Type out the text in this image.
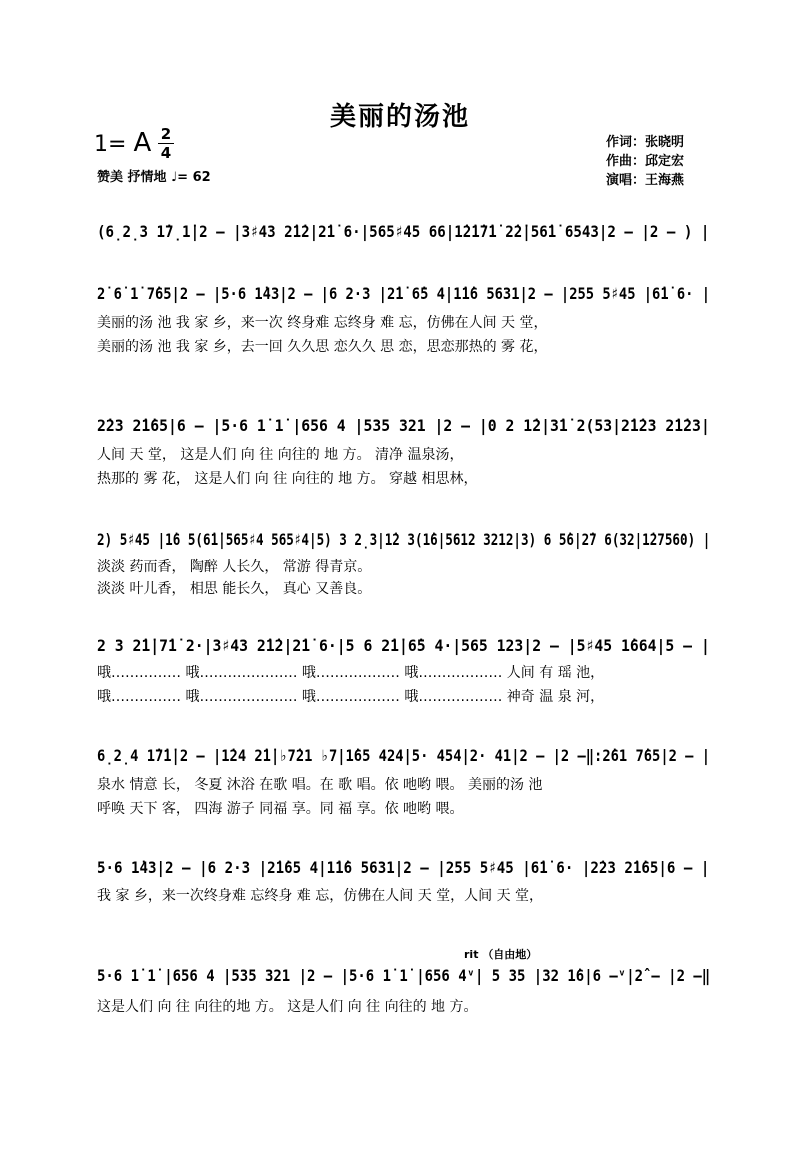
美丽的汤池
1= A 2
4
赞美 抒情地 ♩= 62
作词：张晓明
作曲：邱定宏
演唱：王海燕
(6̣2̣3 1̇7̣1̇|2 – |3♯43 2̇1̇2|2̇1̇ 6·|565♯45 66|1̇2̇1̇7̇1̇ 2̇2̇|56̇1̇ 6543|2 – |2 – ) |
2̇ 6̇ 1̇ 7̇65|2 – |5·6 1̇43|2 – |6 2·3 |2̇1̇ 6̇5 4|1̇1̇6 5631|2 – |255 5♯45 |6̇1̇ 6· |
美丽的汤 池 我 家 乡，来一次 终身难 忘终身 难 忘，仿佛在人间 天 堂，
美丽的汤 池 我 家 乡，去一回 久久思 恋久久 思 恋，思恋那热的 雾 花，
2̇23 2̇1̇65|6 – |5·6 1̇ 1̇ |656 4 |535 321 |2 – |0 2 1̇2|3̇1̇ 2(53|2̇1̇23 2̇1̇23|
人间 天 堂， 这是人们 向 往 向往的 地 方。 清净 温泉汤，
热那的 雾 花， 这是人们 向 往 向往的 地 方。 穿越 相思林，
2) 5♯45 |1̇6 5(6̇1̇|565♯4 565♯4|5) 3 2̣3|1̇2 3(1̇6|5612 3212|3) 6 5̇6|2̇7 6(32|1̇27560) |
淡淡 药而香， 陶醉 人长久， 常游 得青京。
淡淡 叶儿香， 相思 能长久， 真心 又善良。
2 3 2̇1̇|7̇1̇ 2·|3♯43 2̇1̇2|2̇1̇ 6·|5 6 2̇1̇|6̇5 4·|565 123|2 – |5♯45 1̇664|5 – |
哦…………… 哦………………… 哦……………… 哦……………… 人间 有 瑶 池，
哦…………… 哦………………… 哦……………… 哦……………… 神奇 温 泉 河，
6̣2̣4 1̇7̇1̇|2 – |1̇24 2̇1̇|♭7̇21 ♭7|1̇65 424|5· 454|2· 41|2 – |2 –‖:2̇61 7̇65|2 – |
泉水 情意 长， 冬夏 沐浴 在歌 唱。在 歌 唱。依 吔哟 喂。 美丽的汤 池
呼唤 天下 客， 四海 游子 同福 享。同 福 享。依 吔哟 喂。
5·6 1̇43|2 – |6 2·3 |2̇1̇65 4|1̇1̇6 5631|2 – |255 5♯45 |6̇1̇ 6· |2̇23 2̇1̇65|6 – |
我 家 乡，来一次终身难 忘终身 难 忘，仿佛在人间 天 堂，人间 天 堂，
rit （自由地）
5·6 1̇ 1̇ |656 4 |535 321 |2 – |5·6 1̇ 1̇ |656 4ᵛ| 5 35 |32 1̇6|6 –ᵛ|2̂ – |2 –‖
这是人们 向 往 向往的地 方。 这是人们 向 往 向往的 地 方。
